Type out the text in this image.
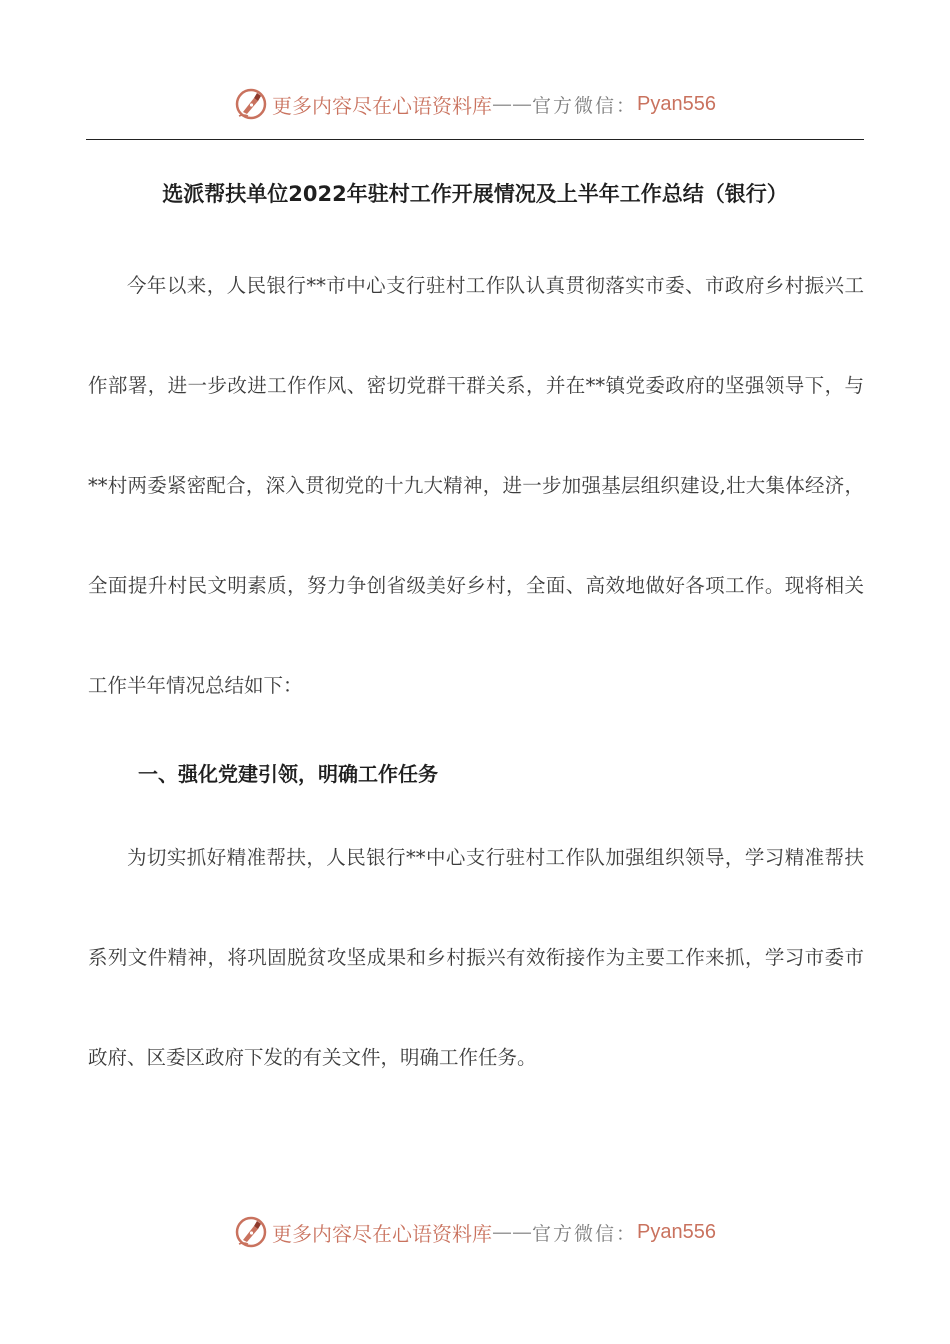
更多内容尽在心语资料库 —— 官方微信： Pyan556
选派帮扶单位2022年驻村工作开展情况及上半年工作总结（银行）

今年以来，人民银行**市中心支行驻村工作队认真贯彻落实市委、市政府乡村振兴工作部署，进一步改进工作作风、密切党群干群关系，并在**镇党委政府的坚强领导下，与**村两委紧密配合，深入贯彻党的十九大精神，进一步加强基层组织建设,壮大集体经济，全面提升村民文明素质，努力争创省级美好乡村，全面、高效地做好各项工作。现将相关工作半年情况总结如下：

一、强化党建引领，明确工作任务

为切实抓好精准帮扶，人民银行**中心支行驻村工作队加强组织领导，学习精准帮扶系列文件精神，将巩固脱贫攻坚成果和乡村振兴有效衔接作为主要工作来抓，学习市委市政府、区委区政府下发的有关文件，明确工作任务。

更多内容尽在心语资料库 —— 官方微信： Pyan556
